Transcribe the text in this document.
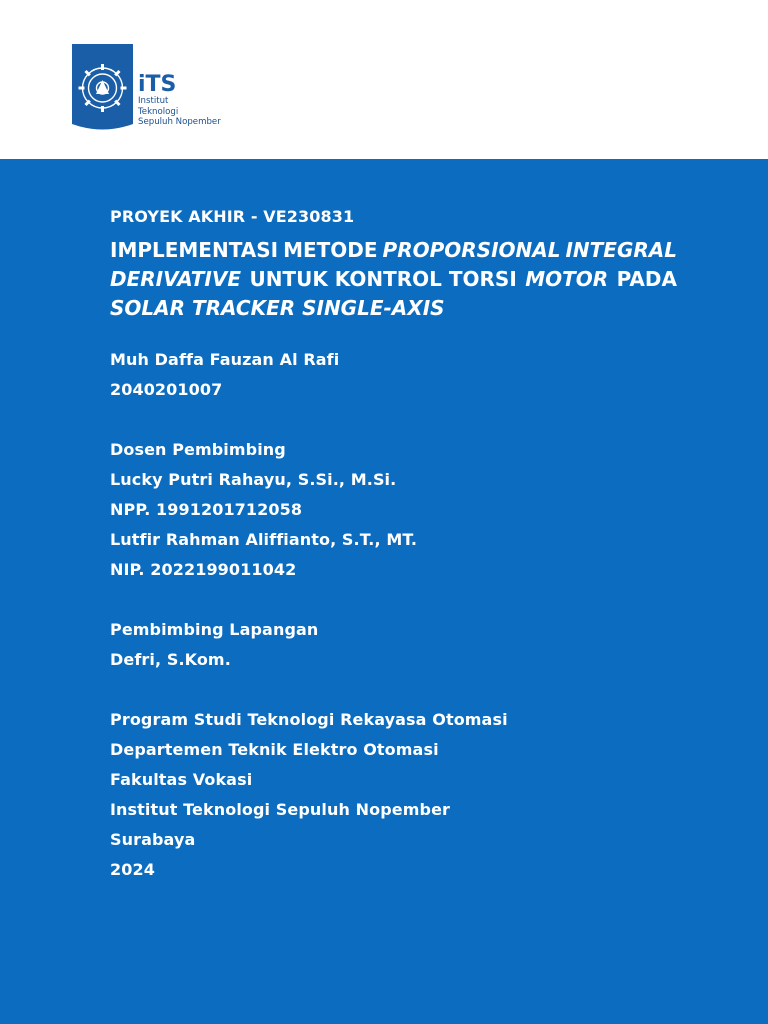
iTS
Institut
Teknologi
Sepuluh Nopember
PROYEK AKHIR - VE230831
IMPLEMENTASI METODE PROPORSIONAL INTEGRAL
DERIVATIVE UNTUK KONTROL TORSI MOTOR PADA
SOLAR TRACKER SINGLE-AXIS
Muh Daffa Fauzan Al Rafi
2040201007
Dosen Pembimbing
Lucky Putri Rahayu, S.Si., M.Si.
NPP. 1991201712058
Lutfir Rahman Aliffianto, S.T., MT.
NIP. 2022199011042
Pembimbing Lapangan
Defri, S.Kom.
Program Studi Teknologi Rekayasa Otomasi
Departemen Teknik Elektro Otomasi
Fakultas Vokasi
Institut Teknologi Sepuluh Nopember
Surabaya
2024
